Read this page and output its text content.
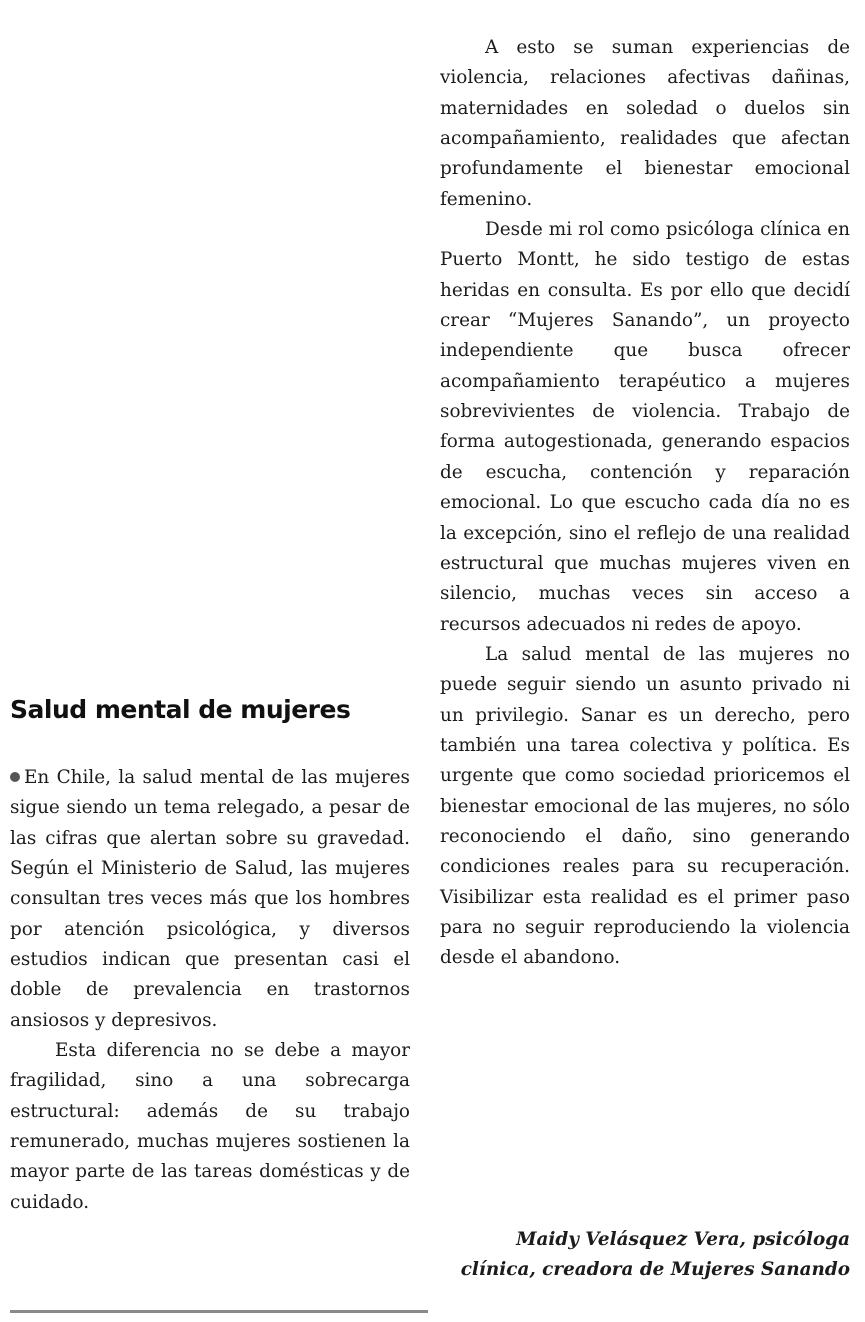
Salud mental de mujeres

En Chile, la salud mental de las mujeres sigue siendo un tema relegado, a pesar de las cifras que alertan sobre su gravedad. Según el Ministerio de Salud, las mujeres consultan tres veces más que los hombres por atención psicológica, y diversos estudios indican que presentan casi el doble de prevalencia en trastornos ansiosos y depresivos.

Esta diferencia no se debe a mayor fragilidad, sino a una sobrecarga estructural: además de su trabajo remunerado, muchas mujeres sostienen la mayor parte de las tareas domésticas y de cuidado.

A esto se suman experiencias de violencia, relaciones afectivas dañinas, maternidades en soledad o duelos sin acompañamiento, realidades que afectan profundamente el bienestar emocional femenino.

Desde mi rol como psicóloga clínica en Puerto Montt, he sido testigo de estas heridas en consulta. Es por ello que decidí crear “Mujeres Sanando”, un proyecto independiente que busca ofrecer acompañamiento terapéutico a mujeres sobrevivientes de violencia. Trabajo de forma autogestionada, generando espacios de escucha, contención y reparación emocional. Lo que escucho cada día no es la excepción, sino el reflejo de una realidad estructural que muchas mujeres viven en silencio, muchas veces sin acceso a recursos adecuados ni redes de apoyo.

La salud mental de las mujeres no puede seguir siendo un asunto privado ni un privilegio. Sanar es un derecho, pero también una tarea colectiva y política. Es urgente que como sociedad prioricemos el bienestar emocional de las mujeres, no sólo reconociendo el daño, sino generando condiciones reales para su recuperación. Visibilizar esta realidad es el primer paso para no seguir reproduciendo la violencia desde el abandono.

Maidy Velásquez Vera, psicóloga clínica, creadora de Mujeres Sanando
